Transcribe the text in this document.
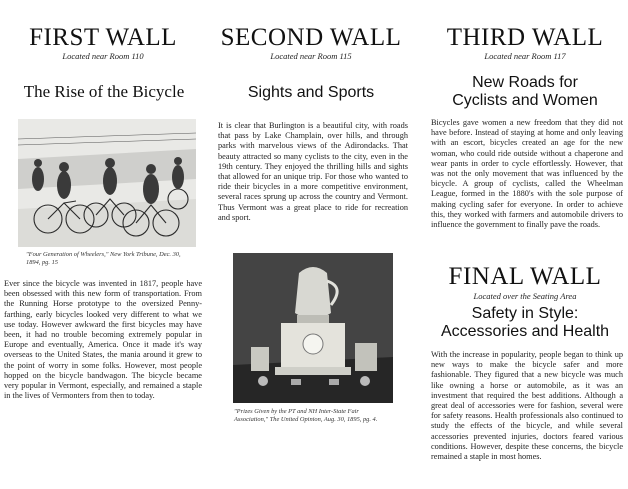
FIRST WALL
Located near Room 110
The Rise of the Bicycle
"Four Generation of Wheelers," New York Tribune, Dec. 30, 1894, pg. 15
Ever since the bicycle was invented in 1817, people have been obsessed with this new form of transportation. From the Running Horse prototype to the oversized Penny-farthing, early bicycles looked very different to what we use today. However awkward the first bicycles may have been, it had no trouble becoming extremely popular in Europe and eventually, America. Once it made it's way overseas to the United States, the mania around it grew to the point of worry in some folks. However, most people hopped on the bicycle bandwagon. The bicycle became very popular in Vermont, especially, and remained a staple in the lives of Vermonters from then to today.
SECOND WALL
Located near Room 115
Sights and Sports
It is clear that Burlington is a beautiful city, with roads that pass by Lake Champlain, over hills, and through parks with marvelous views of the Adirondacks. That beauty attracted so many cyclists to the city, even in the 19th century. They enjoyed the thrilling hills and sights that allowed for an unique trip. For those who wanted to ride their bicycles in a more competitive environment, several races sprung up across the country and Vermont. Thus Vermont was a great place to ride for recreation and sport.
"Prizes Given by the PT and NH Inter-State Fair Association," The United Opinion, Aug. 30, 1895, pg. 4.
THIRD WALL
Located near Room 117
New Roads for
Cyclists and Women
Bicycles gave women a new freedom that they did not have before. Instead of staying at home and only leaving with an escort, bicycles created an age for the new woman, who could ride outside without a chaperone and wear pants in order to cycle effortlessly. However, that was not the only movement that was influenced by the bicycle. A group of cyclists, called the Wheelman League, formed in the 1880's with the sole purpose of making cycling safer for everyone. In order to achieve this, they worked with farmers and automobile drivers to influence the government to finally pave the roads.
FINAL WALL
Located over the Seating Area
Safety in Style:
Accessories and Health
With the increase in popularity, people began to think up new ways to make the bicycle safer and more fashionable. They figured that a new bicycle was much like owning a horse or automobile, as it was an investment that required the best additions. Although a great deal of accessories were for fashion, several were for safety reasons. Health professionals also continued to study the effects of the bicycle, and while several accessories prevented injuries, doctors feared various conditions. However, despite these concerns, the bicycle remained a staple in most homes.
